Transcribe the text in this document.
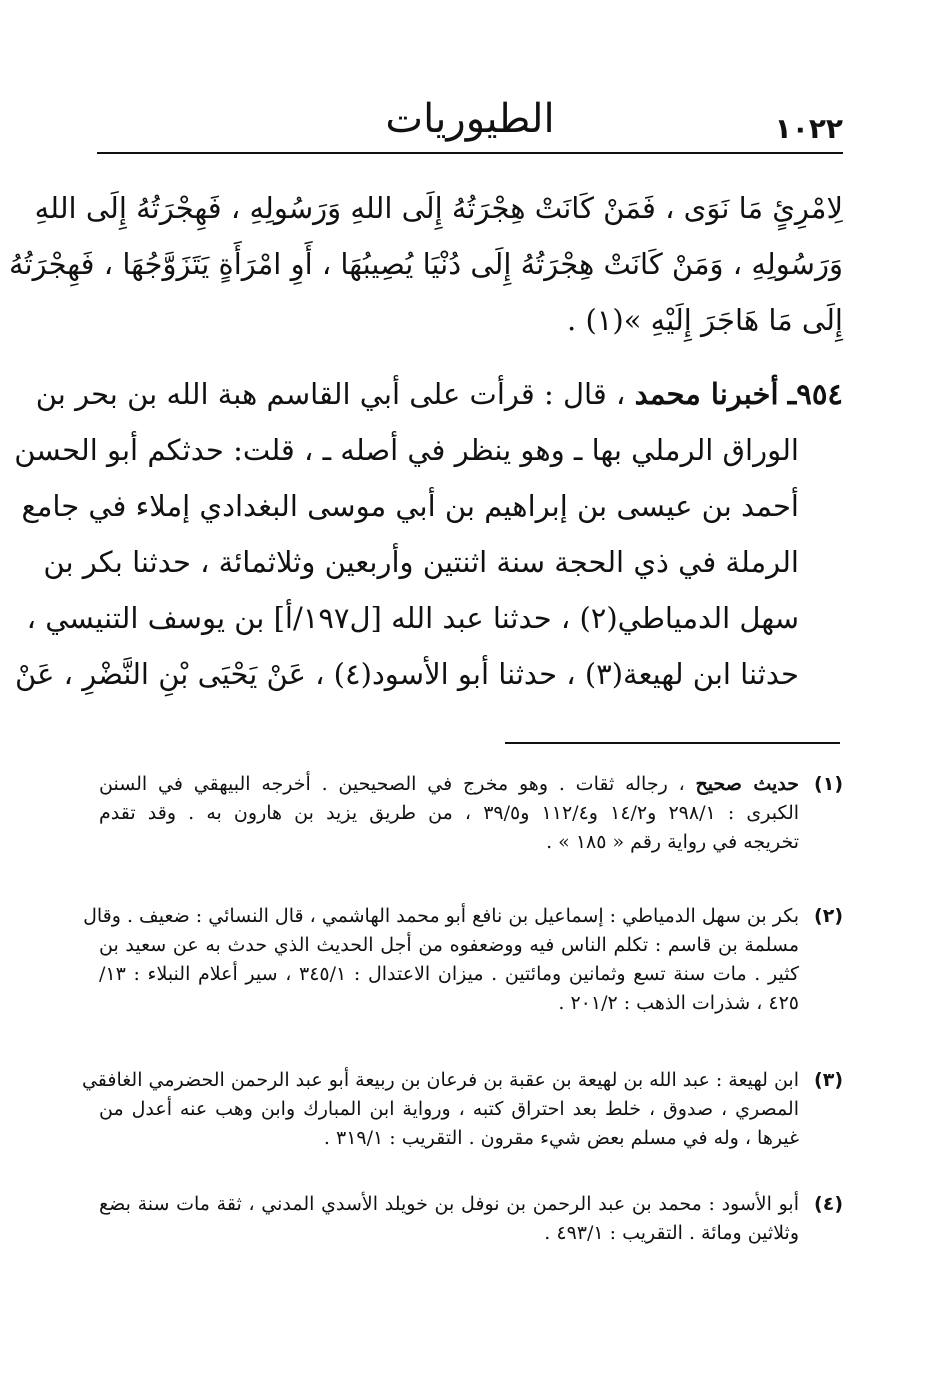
١٠٢٢
الطيوريات
لِامْرِئٍ مَا نَوَى ، فَمَنْ كَانَتْ هِجْرَتُهُ إِلَى اللهِ وَرَسُولِهِ ، فَهِجْرَتُهُ إِلَى اللهِ
وَرَسُولِهِ ، وَمَنْ كَانَتْ هِجْرَتُهُ إِلَى دُنْيَا يُصِيبُهَا ، أَوِ امْرَأَةٍ يَتَزَوَّجُهَا ، فَهِجْرَتُهُ
إِلَى مَا هَاجَرَ إِلَيْهِ »(١) .
٩٥٤ـ أخبرنا محمد ، قال : قرأت على أبي القاسم هبة الله بن بحر بن
الوراق الرملي بها ـ وهو ينظر في أصله ـ ، قلت: حدثكم أبو الحسن
أحمد بن عيسى بن إبراهيم بن أبي موسى البغدادي إملاء في جامع
الرملة في ذي الحجة سنة اثنتين وأربعين وثلاثمائة ، حدثنا بكر بن
سهل الدمياطي(٢) ، حدثنا عبد الله [ل١٩٧/أ] بن يوسف التنيسي ،
حدثنا ابن لهيعة(٣) ، حدثنا أبو الأسود(٤) ، عَنْ يَحْيَى بْنِ النَّضْرِ ، عَنْ
(١)
حديث صحيح ، رجاله ثقات . وهو مخرج في الصحيحين . أخرجه البيهقي في السنن
الكبرى : ٢٩٨/١ و١٤/٢ و١١٢/٤ و٣٩/٥ ، من طريق يزيد بن هارون به . وقد تقدم
تخريجه في رواية رقم « ١٨٥ » .
(٢)
بكر بن سهل الدمياطي : إسماعيل بن نافع أبو محمد الهاشمي ، قال النسائي : ضعيف . وقال
مسلمة بن قاسم : تكلم الناس فيه ووضعفوه من أجل الحديث الذي حدث به عن سعيد بن
كثير . مات سنة تسع وثمانين ومائتين . ميزان الاعتدال : ٣٤٥/١ ، سير أعلام النبلاء : ١٣/
٤٢٥ ، شذرات الذهب : ٢٠١/٢ .
(٣)
ابن لهيعة : عبد الله بن لهيعة بن عقبة بن فرعان بن ربيعة أبو عبد الرحمن الحضرمي الغافقي
المصري ، صدوق ، خلط بعد احتراق كتبه ، ورواية ابن المبارك وابن وهب عنه أعدل من
غيرها ، وله في مسلم بعض شيء مقرون . التقريب : ٣١٩/١ .
(٤)
أبو الأسود : محمد بن عبد الرحمن بن نوفل بن خويلد الأسدي المدني ، ثقة مات سنة بضع
وثلاثين ومائة . التقريب : ٤٩٣/١ .
